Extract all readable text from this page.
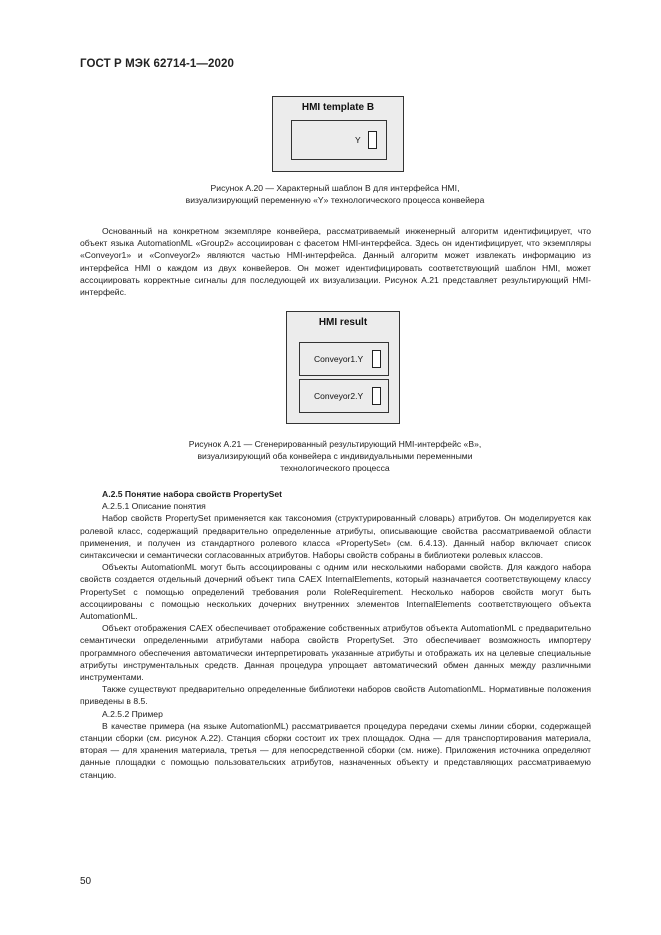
ГОСТ Р МЭК 62714-1—2020
HMI template B
Y
Рисунок A.20 — Характерный шаблон B для интерфейса HMI,
визуализирующий переменную «Y» технологического процесса конвейера

Основанный на конкретном экземпляре конвейера, рассматриваемый инженерный алгоритм идентифицирует, что объект языка AutomationML «Group2» ассоциирован с фасетом HMI-интерфейса. Здесь он идентифицирует, что экземпляры «Conveyor1» и «Conveyor2» являются частью HMI-интерфейса. Данный алгоритм может извлекать информацию из интерфейса HMI о каждом из двух конвейеров. Он может идентифицировать соответствующий шаблон HMI, может ассоциировать корректные сигналы для последующей их визуализации. Рисунок A.21 представляет результирующий HMI-интерфейс.

HMI result
Conveyor1.Y
Conveyor2.Y
Рисунок A.21 — Сгенерированный результирующий HMI-интерфейс «B»,
визуализирующий оба конвейера с индивидуальными переменными
технологического процесса

A.2.5 Понятие набора свойств PropertySet

A.2.5.1 Описание понятия

Набор свойств PropertySet применяется как таксономия (структурированный словарь) атрибутов. Он моделируется как ролевой класс, содержащий предварительно определенные атрибуты, описывающие свойства рассматриваемой области применения, и получен из стандартного ролевого класса «PropertySet» (см. 6.4.13). Данный набор включает список синтаксически и семантически согласованных атрибутов. Наборы свойств собраны в библиотеки ролевых классов.

Объекты AutomationML могут быть ассоциированы с одним или несколькими наборами свойств. Для каждого набора свойств создается отдельный дочерний объект типа CAEX InternalElements, который назначается соответствующему классу PropertySet с помощью определений требования роли RoleRequirement. Несколько наборов свойств могут быть ассоциированы с помощью нескольких дочерних внутренних элементов InternalElements соответствующего объекта AutomationML.

Объект отображения CAEX обеспечивает отображение собственных атрибутов объекта AutomationML с предварительно семантически определенными атрибутами набора свойств PropertySet. Это обеспечивает возможность импортеру программного обеспечения автоматически интерпретировать указанные атрибуты и отображать их на целевые специальные атрибуты инструментальных средств. Данная процедура упрощает автоматический обмен данных между различными инструментами.

Также существуют предварительно определенные библиотеки наборов свойств AutomationML. Нормативные положения приведены в 8.5.

A.2.5.2 Пример

В качестве примера (на языке AutomationML) рассматривается процедура передачи схемы линии сборки, содержащей станции сборки (см. рисунок A.22). Станция сборки состоит их трех площадок. Одна — для транспортирования материала, вторая — для хранения материала, третья — для непосредственной сборки (см. ниже). Приложения источника определяют данные площадки с помощью пользовательских атрибутов, назначенных объекту и представляющих рассматриваемую станцию.

50
